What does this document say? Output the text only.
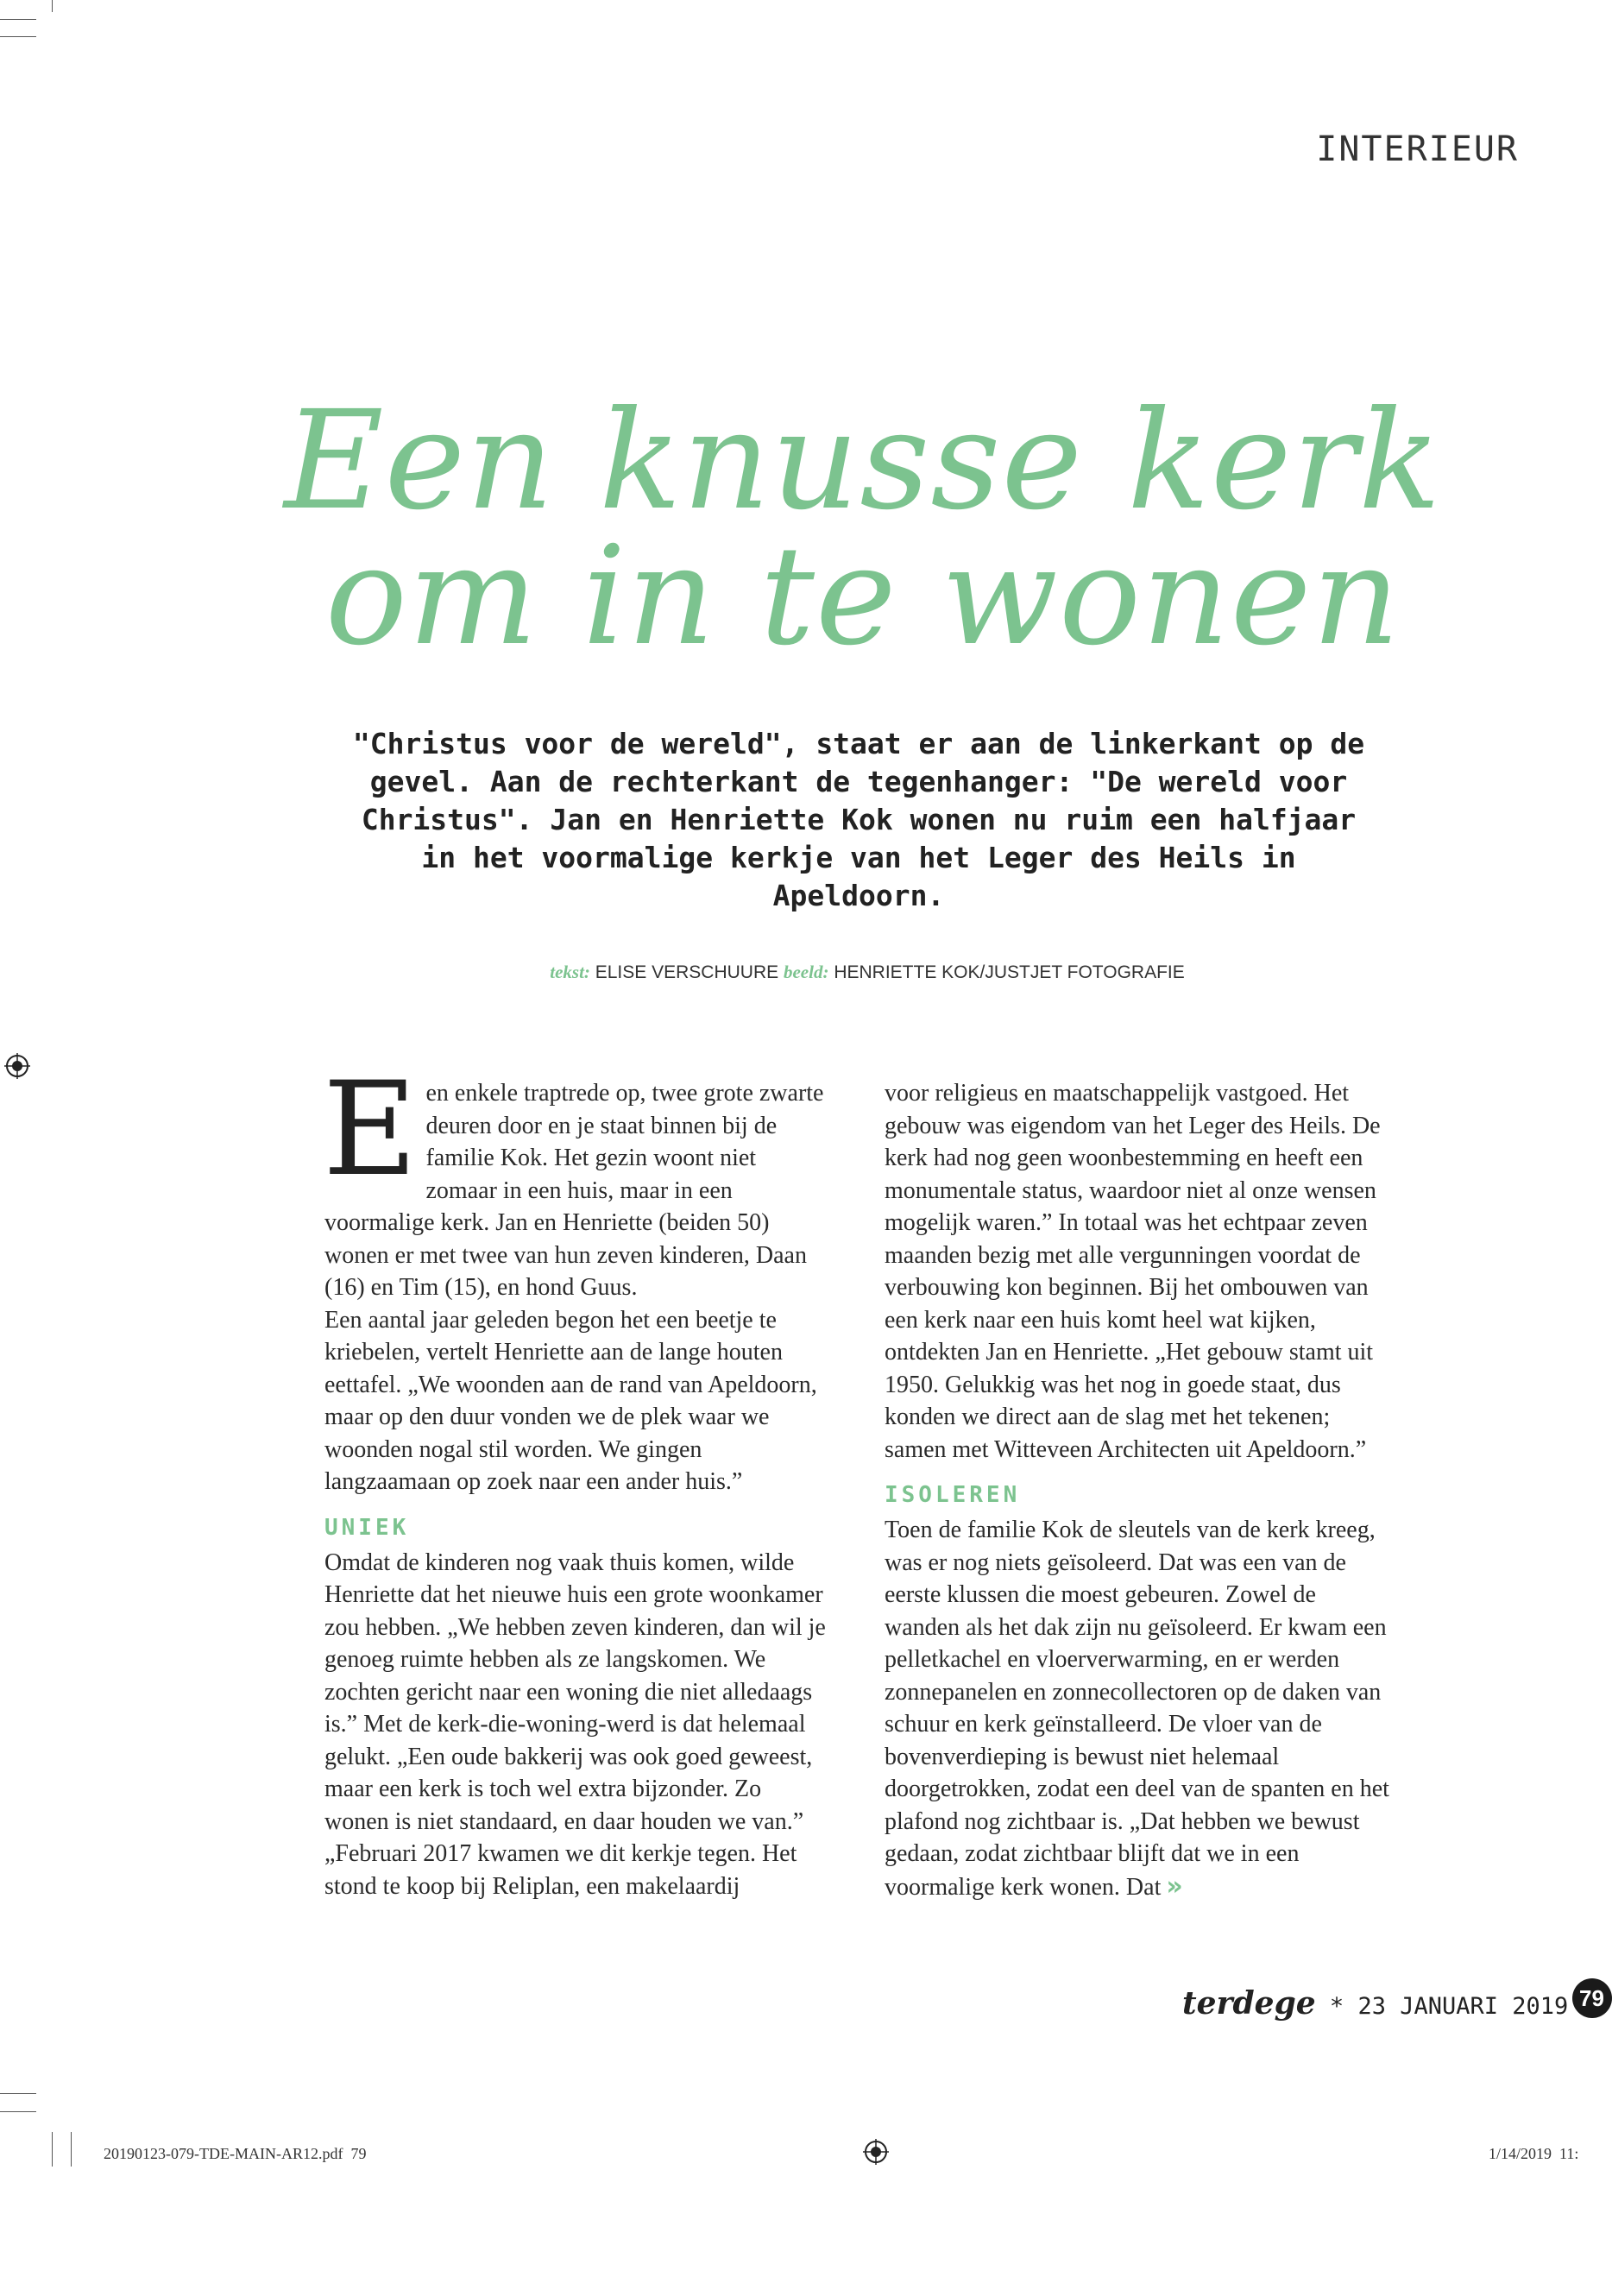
INTERIEUR
Een knusse kerk
om in te wonen
"Christus voor de wereld", staat er aan de linkerkant op de gevel. Aan de rechterkant de tegenhanger: "De wereld voor Christus". Jan en Henriette Kok wonen nu ruim een halfjaar in het voormalige kerkje van het Leger des Heils in Apeldoorn.
tekst: ELISE VERSCHUURE beeld: HENRIETTE KOK/JUSTJET FOTOGRAFIE

Een enkele traptrede op, twee grote zwarte deuren door en je staat binnen bij de familie Kok. Het gezin woont niet zomaar in een huis, maar in een voormalige kerk. Jan en Henriette (beiden 50) wonen er met twee van hun zeven kinderen, Daan (16) en Tim (15), en hond Guus.

Een aantal jaar geleden begon het een beetje te kriebelen, vertelt Henriette aan de lange houten eettafel. „We woonden aan de rand van Apeldoorn, maar op den duur vonden we de plek waar we woonden nogal stil worden. We gingen langzaamaan op zoek naar een ander huis.”

UNIEK

Omdat de kinderen nog vaak thuis komen, wilde Henriette dat het nieuwe huis een grote woonkamer zou hebben. „We hebben zeven kinderen, dan wil je genoeg ruimte hebben als ze langskomen. We zochten gericht naar een woning die niet alledaags is.” Met de kerk-die-woning-werd is dat helemaal gelukt. „Een oude bakkerij was ook goed geweest, maar een kerk is toch wel extra bijzonder. Zo wonen is niet standaard, en daar houden we van.”

„Februari 2017 kwamen we dit kerkje tegen. Het stond te koop bij Reliplan, een makelaardij

voor religieus en maatschappelijk vastgoed. Het gebouw was eigendom van het Leger des Heils. De kerk had nog geen woonbestemming en heeft een monumentale status, waardoor niet al onze wensen mogelijk waren.” In totaal was het echtpaar zeven maanden bezig met alle vergunningen voordat de verbouwing kon beginnen. Bij het ombouwen van een kerk naar een huis komt heel wat kijken, ontdekten Jan en Henriette. „Het gebouw stamt uit 1950. Gelukkig was het nog in goede staat, dus konden we direct aan de slag met het tekenen; samen met Witteveen Architecten uit Apeldoorn.”

ISOLEREN

Toen de familie Kok de sleutels van de kerk kreeg, was er nog niets geïsoleerd. Dat was een van de eerste klussen die moest gebeuren. Zowel de wanden als het dak zijn nu geïsoleerd. Er kwam een pelletkachel en vloerverwarming, en er werden zonnepanelen en zonnecollectoren op de daken van schuur en kerk geïnstalleerd. De vloer van de bovenverdieping is bewust niet helemaal doorgetrokken, zodat een deel van de spanten en het plafond nog zichtbaar is. „Dat hebben we bewust gedaan, zodat zichtbaar blijft dat we in een voormalige kerk wonen. Dat »

terdege * 23 JANUARI 2019 79
20190123-079-TDE-MAIN-AR12.pdf 79	1/14/2019 11:
